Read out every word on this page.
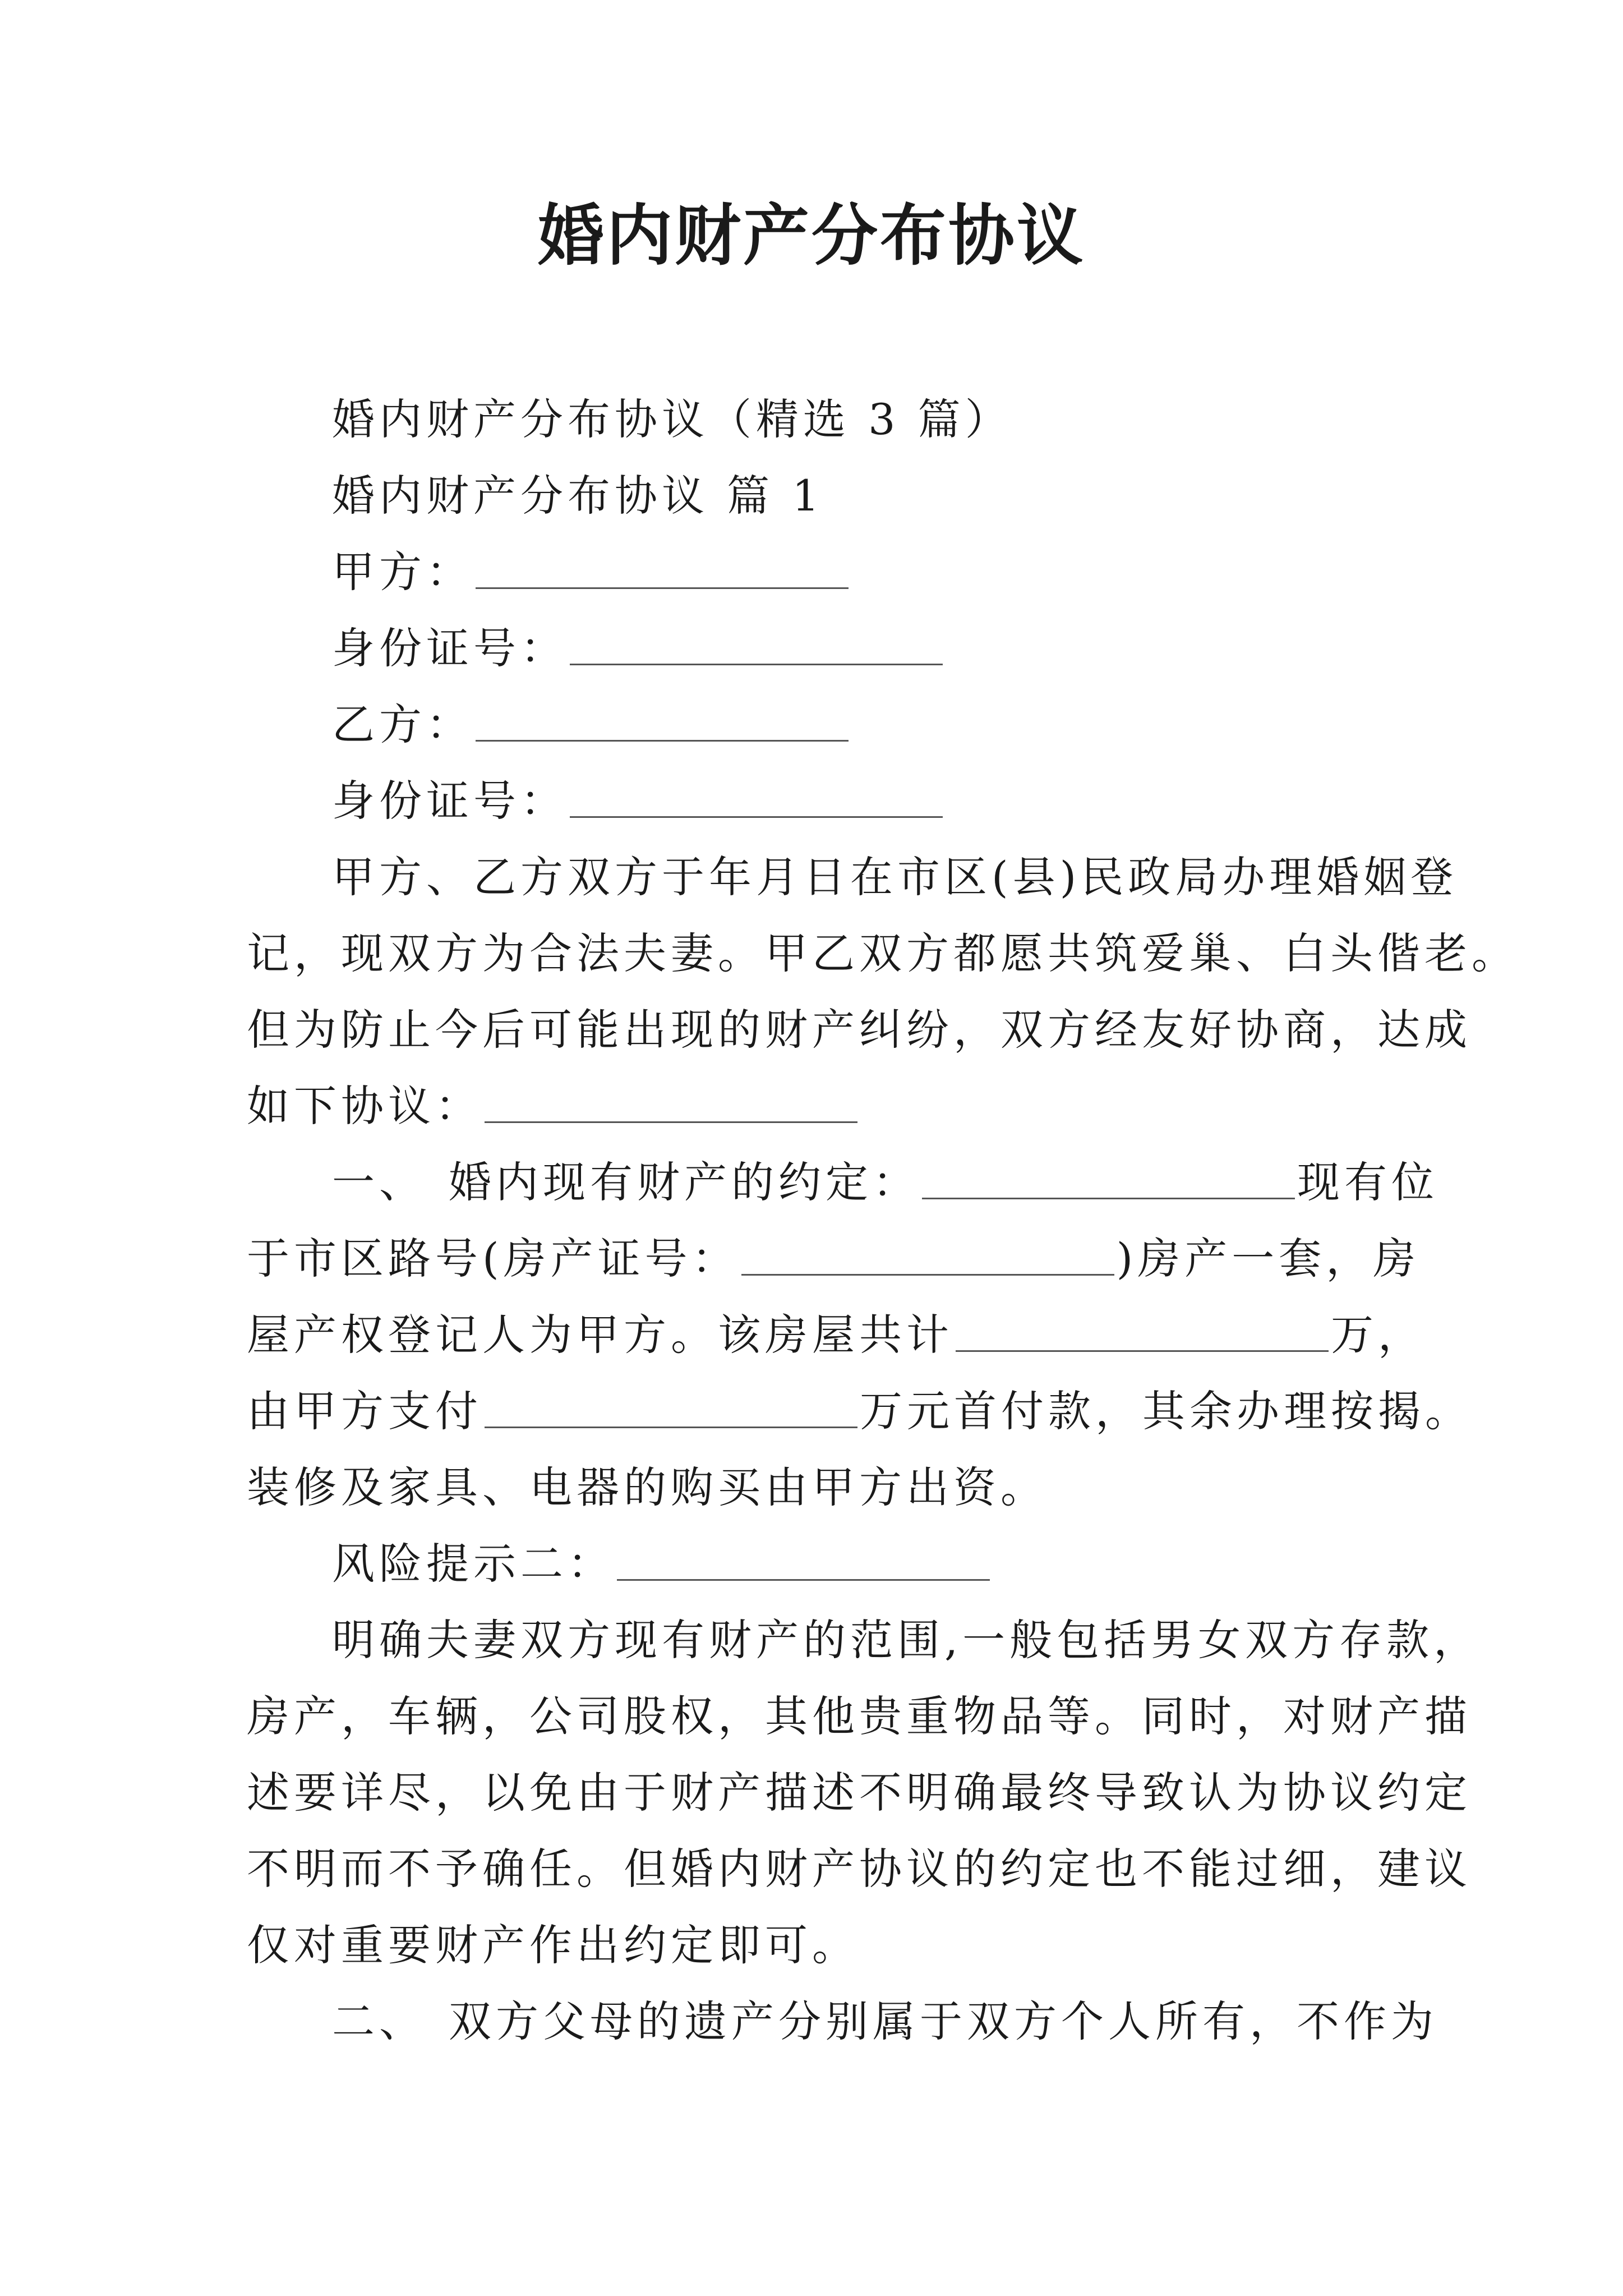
婚内财产分布协议
婚内财产分布协议（精选 3 篇）
婚内财产分布协议 篇 1
甲方：
身份证号：
乙方：
身份证号：
甲方、乙方双方于年月日在市区(县)民政局办理婚姻登
记，现双方为合法夫妻。甲乙双方都愿共筑爱巢、白头偕老。
但为防止今后可能出现的财产纠纷，双方经友好协商，达成
如下协议：
一、 婚内现有财产的约定：	现有位
于市区路号(房产证号：	)房产一套，房
屋产权登记人为甲方。该房屋共计	万，
由甲方支付	万元首付款，其余办理按揭。
装修及家具、电器的购买由甲方出资。
风险提示二：
明确夫妻双方现有财产的范围,一般包括男女双方存款，
房产，车辆，公司股权，其他贵重物品等。同时，对财产描
述要详尽，以免由于财产描述不明确最终导致认为协议约定
不明而不予确任。但婚内财产协议的约定也不能过细，建议
仅对重要财产作出约定即可。
二、 双方父母的遗产分别属于双方个人所有，不作为
